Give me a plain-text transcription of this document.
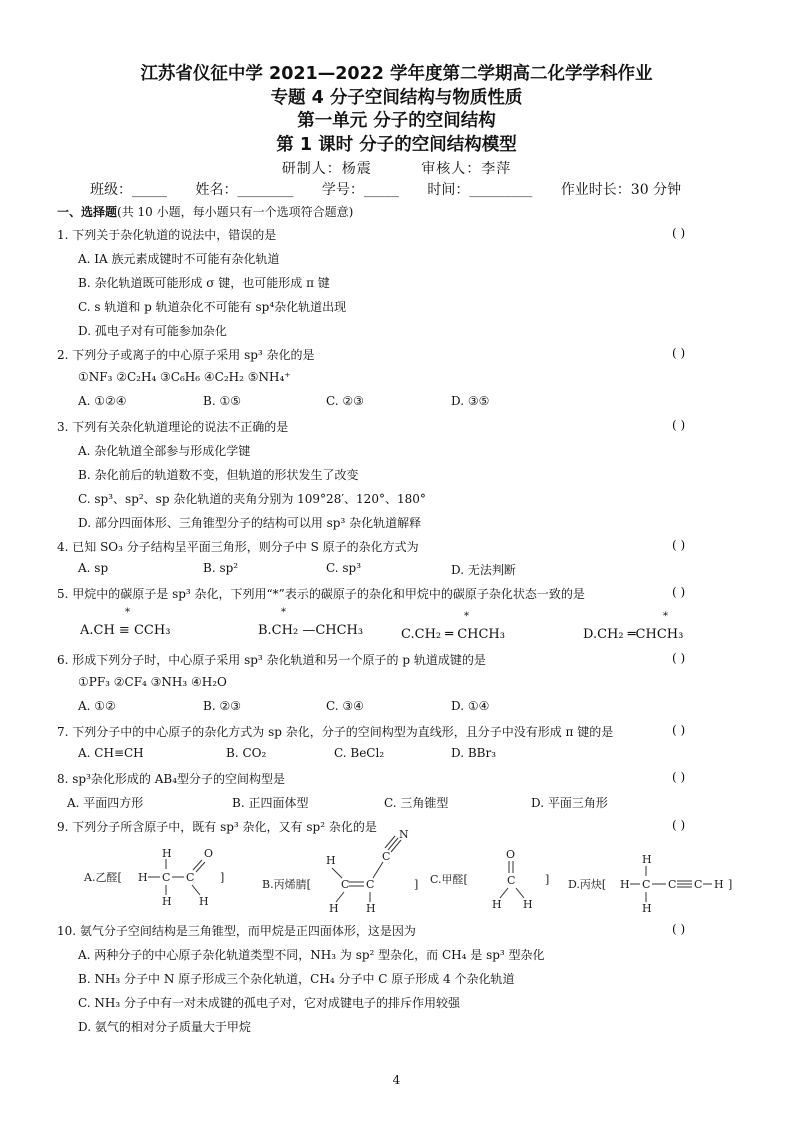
江苏省仪征中学 2021—2022 学年度第二学期高二化学学科作业
专题 4 分子空间结构与物质性质
第一单元 分子的空间结构
第 1 课时 分子的空间结构模型
研制人：杨震	审核人：李萍
班级：_____ 姓名：________ 学号：_____ 时间：_________ 作业时长：30 分钟
一、选择题(共 10 小题，每小题只有一个选项符合题意)
1. 下列关于杂化轨道的说法中，错误的是	( )
A. ⅠA 族元素成键时不可能有杂化轨道
B. 杂化轨道既可能形成 σ 键，也可能形成 π 键
C. s 轨道和 p 轨道杂化不可能有 sp⁴杂化轨道出现
D. 孤电子对有可能参加杂化
2. 下列分子或离子的中心原子采用 sp³ 杂化的是	( )
①NF₃ ②C₂H₄ ③C₆H₆ ④C₂H₂ ⑤NH₄⁺
A. ①②④	B. ①⑤	C. ②③	D. ③⑤
3. 下列有关杂化轨道理论的说法不正确的是	( )
A. 杂化轨道全部参与形成化学键
B. 杂化前后的轨道数不变，但轨道的形状发生了改变
C. sp³、sp²、sp 杂化轨道的夹角分别为 109°28′、120°、180°
D. 部分四面体形、三角锥型分子的结构可以用 sp³ 杂化轨道解释
4. 已知 SO₃ 分子结构呈平面三角形，则分子中 S 原子的杂化方式为	( )
A. sp	B. sp²	C. sp³	D. 无法判断
5. 甲烷中的碳原子是 sp³ 杂化，下列用“*”表示的碳原子的杂化和甲烷中的碳原子杂化状态一致的是	( )
*
A.CH ≡ CCH₃
*
B.CH₂ —CHCH₃
*
C.CH₂ ═ CHCH₃
*
D.CH₂ ═CHCH₃
6. 形成下列分子时，中心原子采用 sp³ 杂化轨道和另一个原子的 p 轨道成键的是	( )
①PF₃ ②CF₄ ③NH₃ ④H₂O
A. ①②	B. ②③	C. ③④	D. ①④
7. 下列分子中的中心原子的杂化方式为 sp 杂化，分子的空间构型为直线形，且分子中没有形成 π 键的是	( )
A. CH≡CH	B. CO₂	C. BeCl₂	D. BBr₃
8. sp³杂化形成的 AB₄型分子的空间构型是	( )
A. 平面四方形	B. 正四面体型	C. 三角锥型	D. 平面三角形
9. 下列分子所含原子中，既有 sp³ 杂化，又有 sp² 杂化的是	( )
A.乙醛[ H C
H
H
C
O
H
]
B.丙烯腈[
H
C
H
C
H
C
N
] C.甲醛[
O
C
H H
] D.丙炔[ H C
H
H
C C H ]
10. 氨气分子空间结构是三角锥型，而甲烷是正四面体形，这是因为	( )
A. 两种分子的中心原子杂化轨道类型不同，NH₃ 为 sp² 型杂化，而 CH₄ 是 sp³ 型杂化
B. NH₃ 分子中 N 原子形成三个杂化轨道，CH₄ 分子中 C 原子形成 4 个杂化轨道
C. NH₃ 分子中有一对未成键的孤电子对，它对成键电子的排斥作用较强
D. 氨气的相对分子质量大于甲烷
4
